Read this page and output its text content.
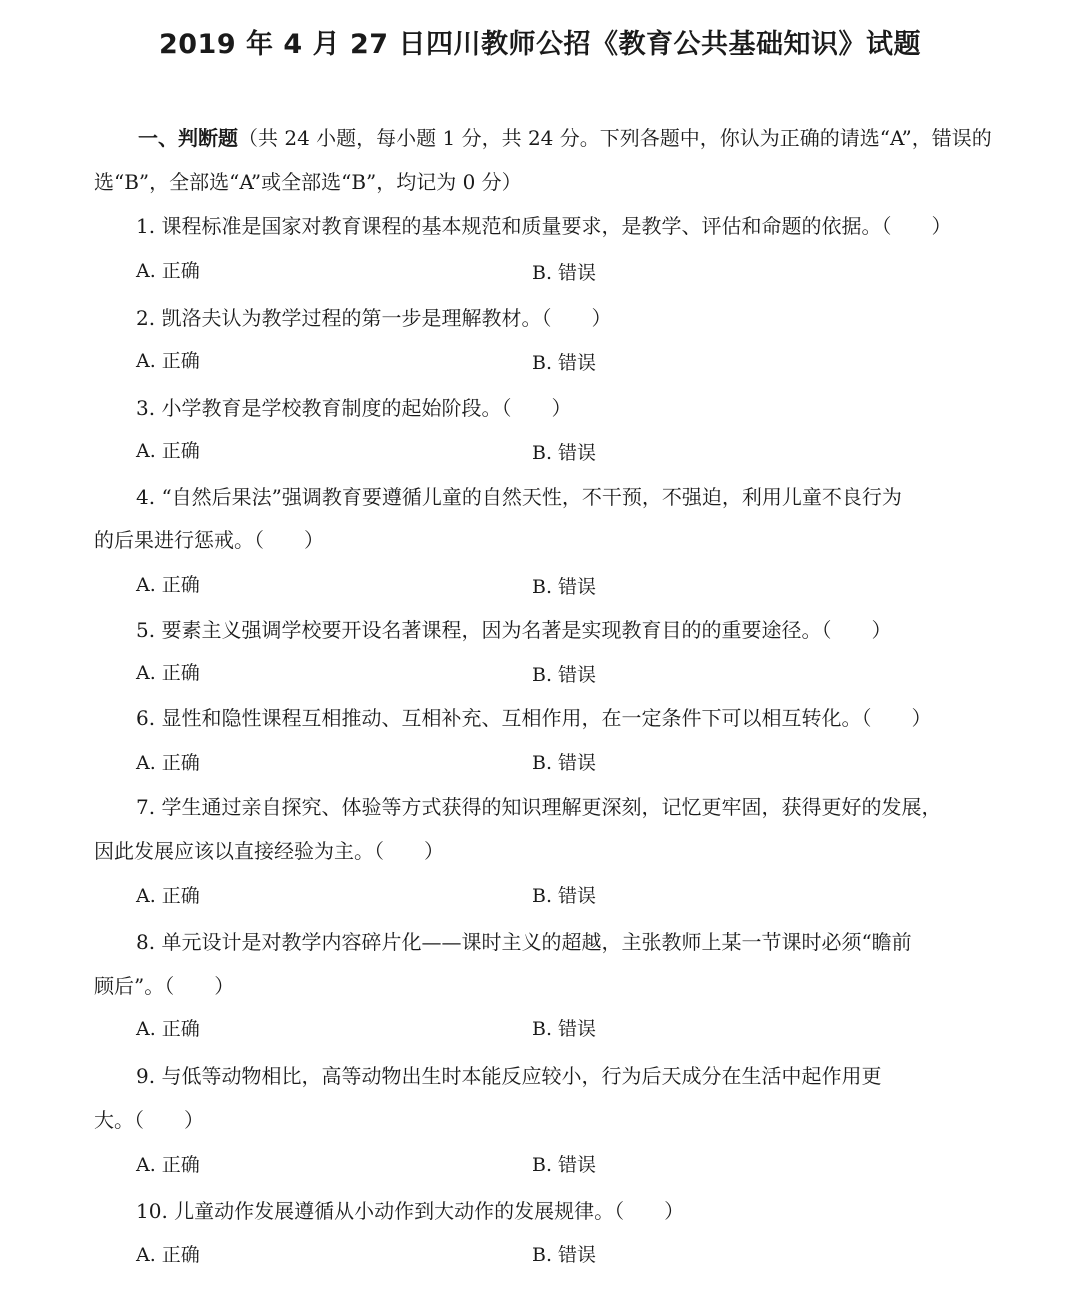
2019 年 4 月 27 日四川教师公招《教育公共基础知识》试题
一、判断题（共 24 小题，每小题 1 分，共 24 分。下列各题中，你认为正确的请选“A”，错误的选“B”，全部选“A”或全部选“B”，均记为 0 分）

1. 课程标准是国家对教育课程的基本规范和质量要求，是教学、评估和命题的依据。（　　）

A. 正确	B. 错误

2. 凯洛夫认为教学过程的第一步是理解教材。（　　）

A. 正确	B. 错误

3. 小学教育是学校教育制度的起始阶段。（　　）

A. 正确	B. 错误

4. “自然后果法”强调教育要遵循儿童的自然天性，不干预，不强迫，利用儿童不良行为

的后果进行惩戒。（　　）

A. 正确	B. 错误

5. 要素主义强调学校要开设名著课程，因为名著是实现教育目的的重要途径。（　　）

A. 正确	B. 错误

6. 显性和隐性课程互相推动、互相补充、互相作用，在一定条件下可以相互转化。（　　）

A. 正确	B. 错误

7. 学生通过亲自探究、体验等方式获得的知识理解更深刻，记忆更牢固，获得更好的发展，

因此发展应该以直接经验为主。（　　）

A. 正确	B. 错误

8. 单元设计是对教学内容碎片化——课时主义的超越，主张教师上某一节课时必须“瞻前

顾后”。（　　）

A. 正确	B. 错误

9. 与低等动物相比，高等动物出生时本能反应较小，行为后天成分在生活中起作用更

大。（　　）

A. 正确	B. 错误

10. 儿童动作发展遵循从小动作到大动作的发展规律。（　　）

A. 正确	B. 错误
